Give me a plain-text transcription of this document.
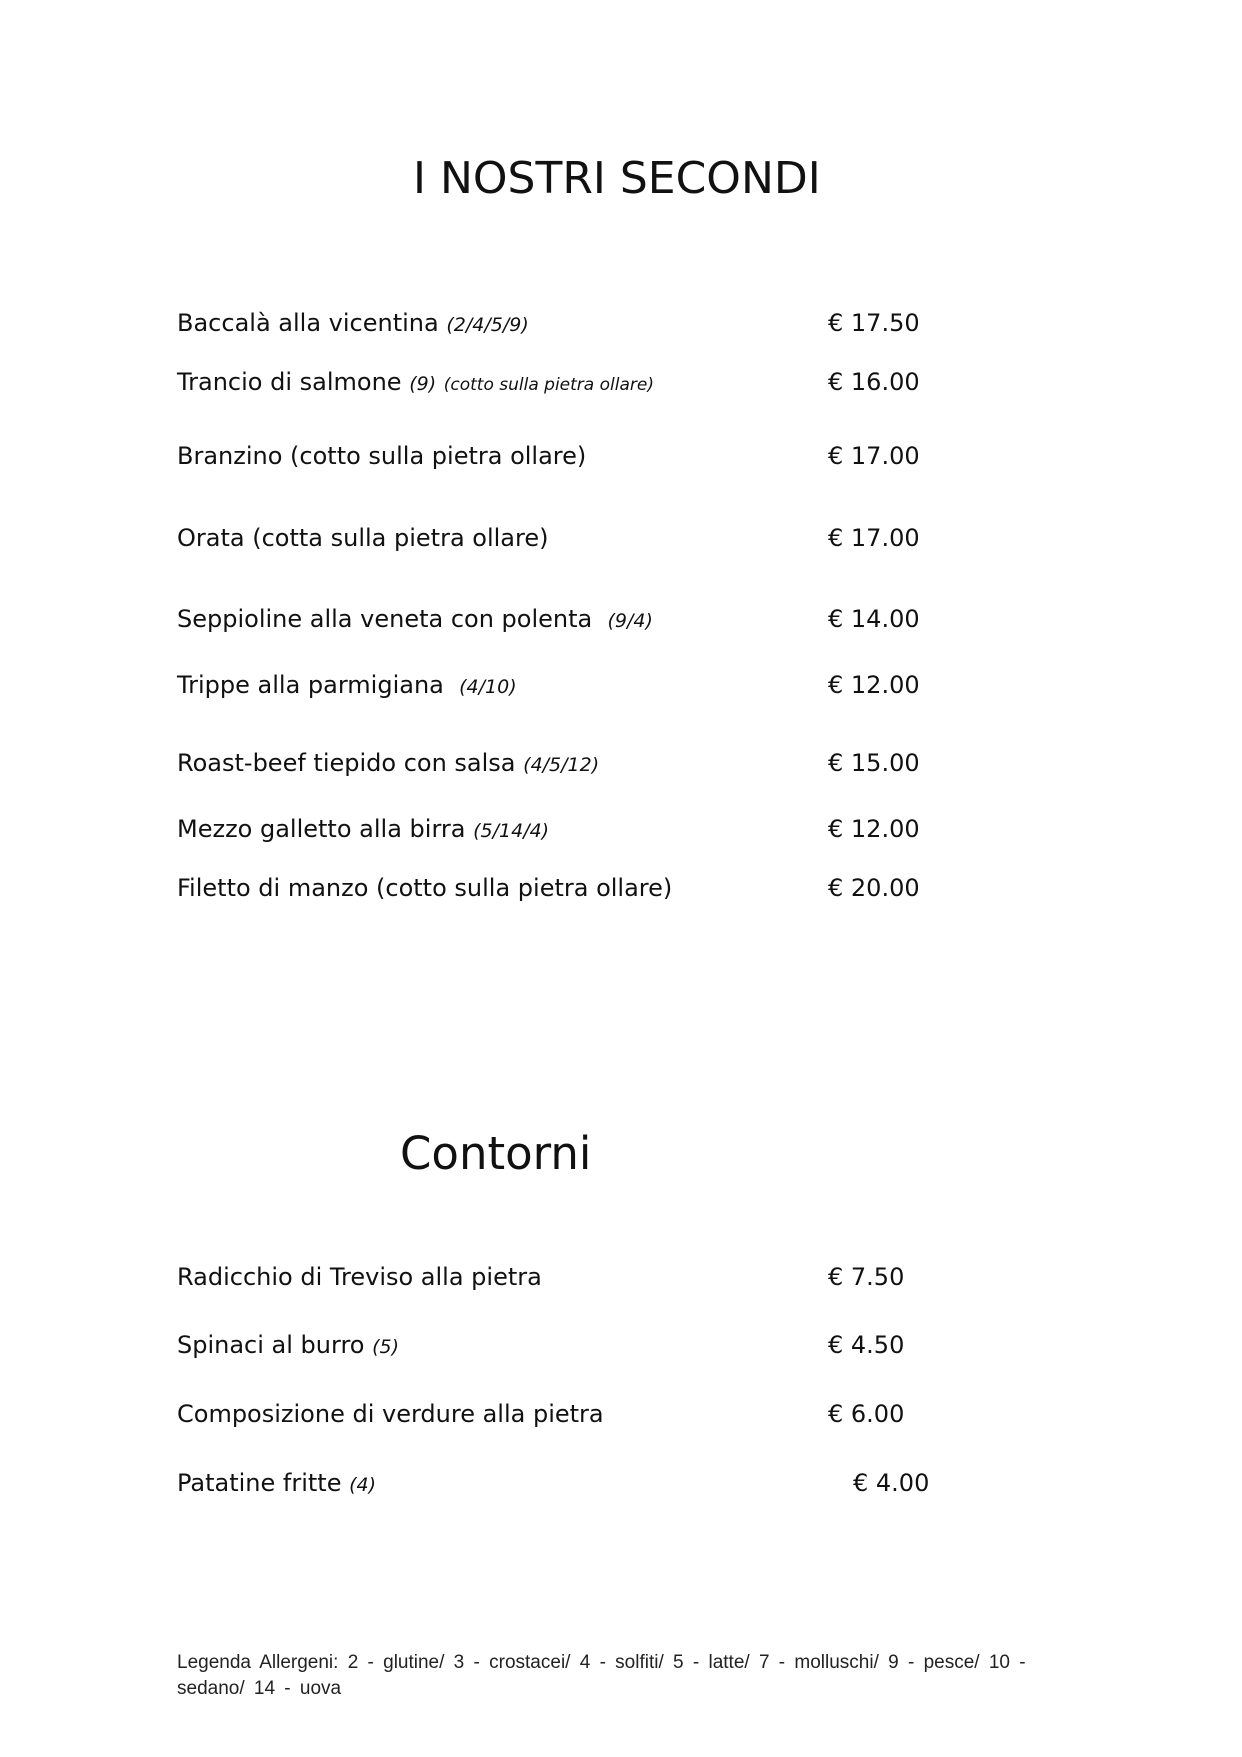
I NOSTRI SECONDI
Baccalà alla vicentina (2/4/5/9)	€ 17.50
Trancio di salmone (9) (cotto sulla pietra ollare)	€ 16.00
Branzino (cotto sulla pietra ollare)	€ 17.00
Orata (cotta sulla pietra ollare)	€ 17.00
Seppioline alla veneta con polenta (9/4)	€ 14.00
Trippe alla parmigiana (4/10)	€ 12.00
Roast-beef tiepido con salsa (4/5/12)	€ 15.00
Mezzo galletto alla birra (5/14/4)	€ 12.00
Filetto di manzo (cotto sulla pietra ollare)	€ 20.00
Contorni
Radicchio di Treviso alla pietra	€ 7.50
Spinaci al burro (5)	€ 4.50
Composizione di verdure alla pietra	€ 6.00
Patatine fritte (4)	€ 4.00
Legenda Allergeni: 2 - glutine/ 3 - crostacei/ 4 - solfiti/ 5 - latte/ 7 - molluschi/ 9 - pesce/ 10 - sedano/ 14 - uova
